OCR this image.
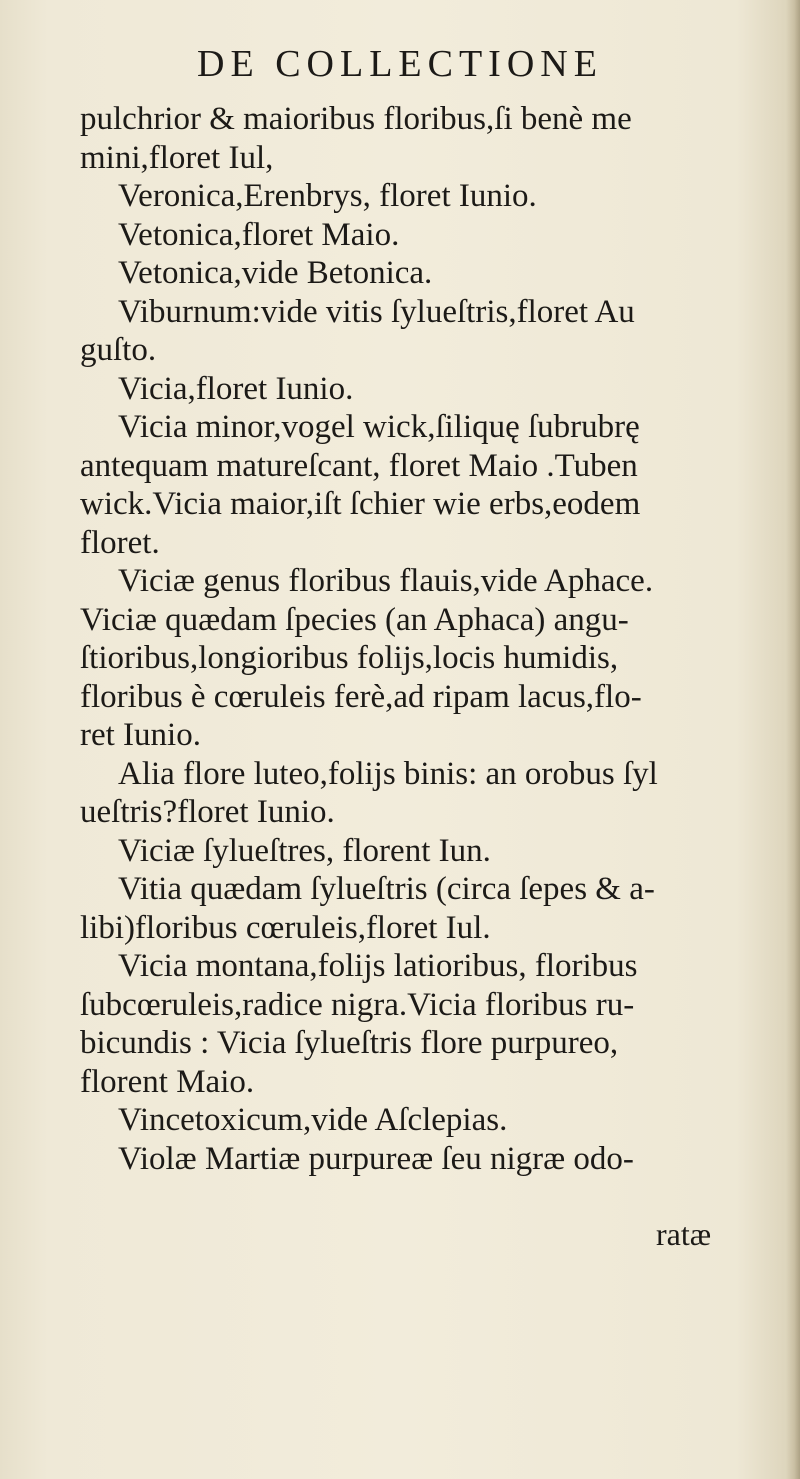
DE COLLECTIONE
pulchrior & maioribus floribus,ſi benè me
mini,floret Iul,
Veronica,Erenbrys, floret Iunio.
Vetonica,floret Maio.
Vetonica,vide Betonica.
Viburnum:vide vitis ſylueſtris,floret Au
guſto.
Vicia,floret Iunio.
Vicia minor,vogel wick,ſiliquę ſubrubrę
antequam matureſcant, floret Maio .Tuben
wick.Vicia maior,iſt ſchier wie erbs,eodem
floret.
Viciæ genus floribus flauis,vide Aphace.
Viciæ quædam ſpecies (an Aphaca) angu-
ſtioribus,longioribus folijs,locis humidis,
floribus è cœruleis ferè,ad ripam lacus,flo-
ret Iunio.
Alia flore luteo,folijs binis: an orobus ſyl
ueſtris?floret Iunio.
Viciæ ſylueſtres, florent Iun.
Vitia quædam ſylueſtris (circa ſepes & a-
libi)floribus cœruleis,floret Iul.
Vicia montana,folijs latioribus, floribus
ſubcœruleis,radice nigra.Vicia floribus ru-
bicundis : Vicia ſylueſtris flore purpureo,
florent Maio.
Vincetoxicum,vide Aſclepias.
Violæ Martiæ purpureæ ſeu nigræ odo-
ratæ
